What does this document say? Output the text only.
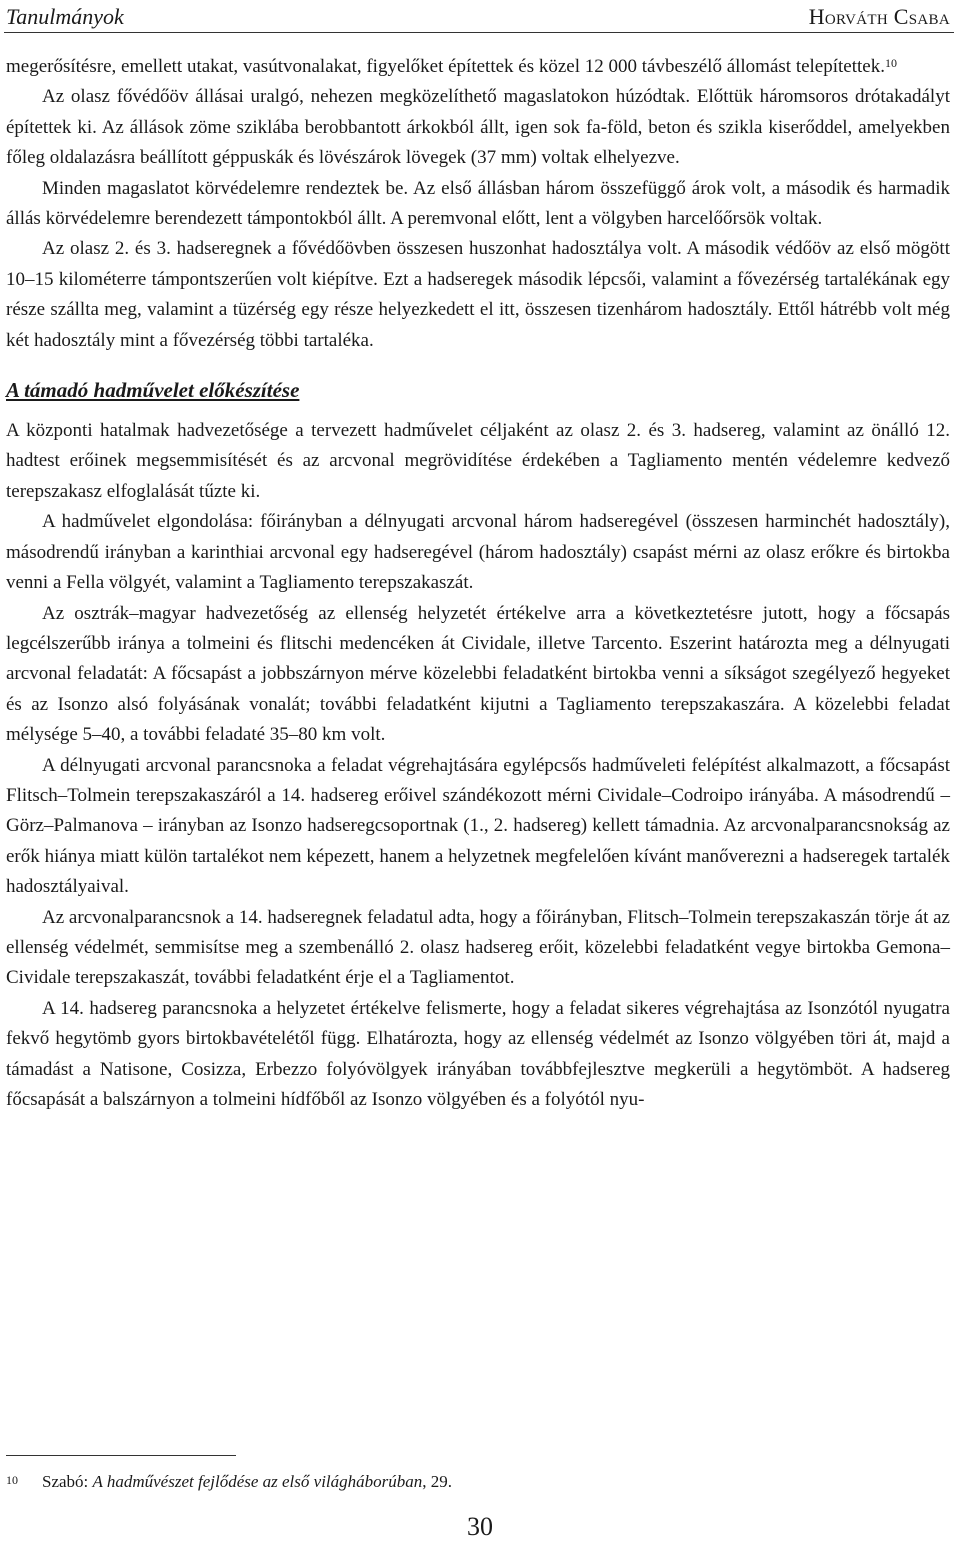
Tanulmányok	Horváth Csaba

megerősítésre, emellett utakat, vasútvonalakat, figyelőket építettek és közel 12 000 távbeszélő állomást telepítettek.$^{10}$

Az olasz fővédőöv állásai uralgó, nehezen megközelíthető magaslatokon húzódtak. Előttük háromsoros drótakadályt építettek ki. Az állások zöme sziklába berobbantott árkokból állt, igen sok fa-föld, beton és szikla kiserőddel, amelyekben főleg oldalazásra beállított géppuskák és lövészárok lövegek (37 mm) voltak elhelyezve.

Minden magaslatot körvédelemre rendeztek be. Az első állásban három összefüggő árok volt, a második és harmadik állás körvédelemre berendezett támpontokból állt. A peremvonal előtt, lent a völgyben harcelőőrsök voltak.

Az olasz 2. és 3. hadseregnek a fővédőövben összesen huszonhat hadosztálya volt. A második védőöv az első mögött 10–15 kilométerre támpontszerűen volt kiépítve. Ezt a hadseregek második lépcsői, valamint a fővezérség tartalékának egy része szállta meg, valamint a tüzérség egy része helyezkedett el itt, összesen tizenhárom hadosztály. Ettől hátrébb volt még két hadosztály mint a fővezérség többi tartaléka.

A támadó hadművelet előkészítése

A központi hatalmak hadvezetősége a tervezett hadművelet céljaként az olasz 2. és 3. hadsereg, valamint az önálló 12. hadtest erőinek megsemmisítését és az arcvonal megrövidítése érdekében a Tagliamento mentén védelemre kedvező terepszakasz elfoglalását tűzte ki.

A hadművelet elgondolása: főirányban a délnyugati arcvonal három hadseregével (összesen harminchét hadosztály), másodrendű irányban a karinthiai arcvonal egy hadseregével (három hadosztály) csapást mérni az olasz erőkre és birtokba venni a Fella völgyét, valamint a Tagliamento terepszakaszát.

Az osztrák–magyar hadvezetőség az ellenség helyzetét értékelve arra a következtetésre jutott, hogy a főcsapás legcélszerűbb iránya a tolmeini és flitschi medencéken át Cividale, illetve Tarcento. Eszerint határozta meg a délnyugati arcvonal feladatát: A főcsapást a jobbszárnyon mérve közelebbi feladatként birtokba venni a síkságot szegélyező hegyeket és az Isonzo alsó folyásának vonalát; további feladatként kijutni a Tagliamento terepszakaszára. A közelebbi feladat mélysége 5–40, a további feladaté 35–80 km volt.

A délnyugati arcvonal parancsnoka a feladat végrehajtására egylépcsős hadműveleti felépítést alkalmazott, a főcsapást Flitsch–Tolmein terepszakaszáról a 14. hadsereg erőivel szándékozott mérni Cividale–Codroipo irányába. A másodrendű – Görz–Palmanova – irányban az Isonzo hadseregcsoportnak (1., 2. hadsereg) kellett támadnia. Az arcvonalparancsnokság az erők hiánya miatt külön tartalékot nem képezett, hanem a helyzetnek megfelelően kívánt manőverezni a hadseregek tartalék hadosztályaival.

Az arcvonalparancsnok a 14. hadseregnek feladatul adta, hogy a főirányban, Flitsch–Tolmein terepszakaszán törje át az ellenség védelmét, semmisítse meg a szembenálló 2. olasz hadsereg erőit, közelebbi feladatként vegye birtokba Gemona–Cividale terepszakaszát, további feladatként érje el a Tagliamentot.

A 14. hadsereg parancsnoka a helyzetet értékelve felismerte, hogy a feladat sikeres végrehajtása az Isonzótól nyugatra fekvő hegytömb gyors birtokbavételétől függ. Elhatározta, hogy az ellenség védelmét az Isonzo völgyében töri át, majd a támadást a Natisone, Cosizza, Erbezzo folyóvölgyek irányában továbbfejlesztve megkerüli a hegytömböt. A hadsereg főcsapását a balszárnyon a tolmeini hídfőből az Isonzo völgyében és a folyótól nyu-

10	Szabó: A hadművészet fejlődése az első világháborúban, 29.
30
